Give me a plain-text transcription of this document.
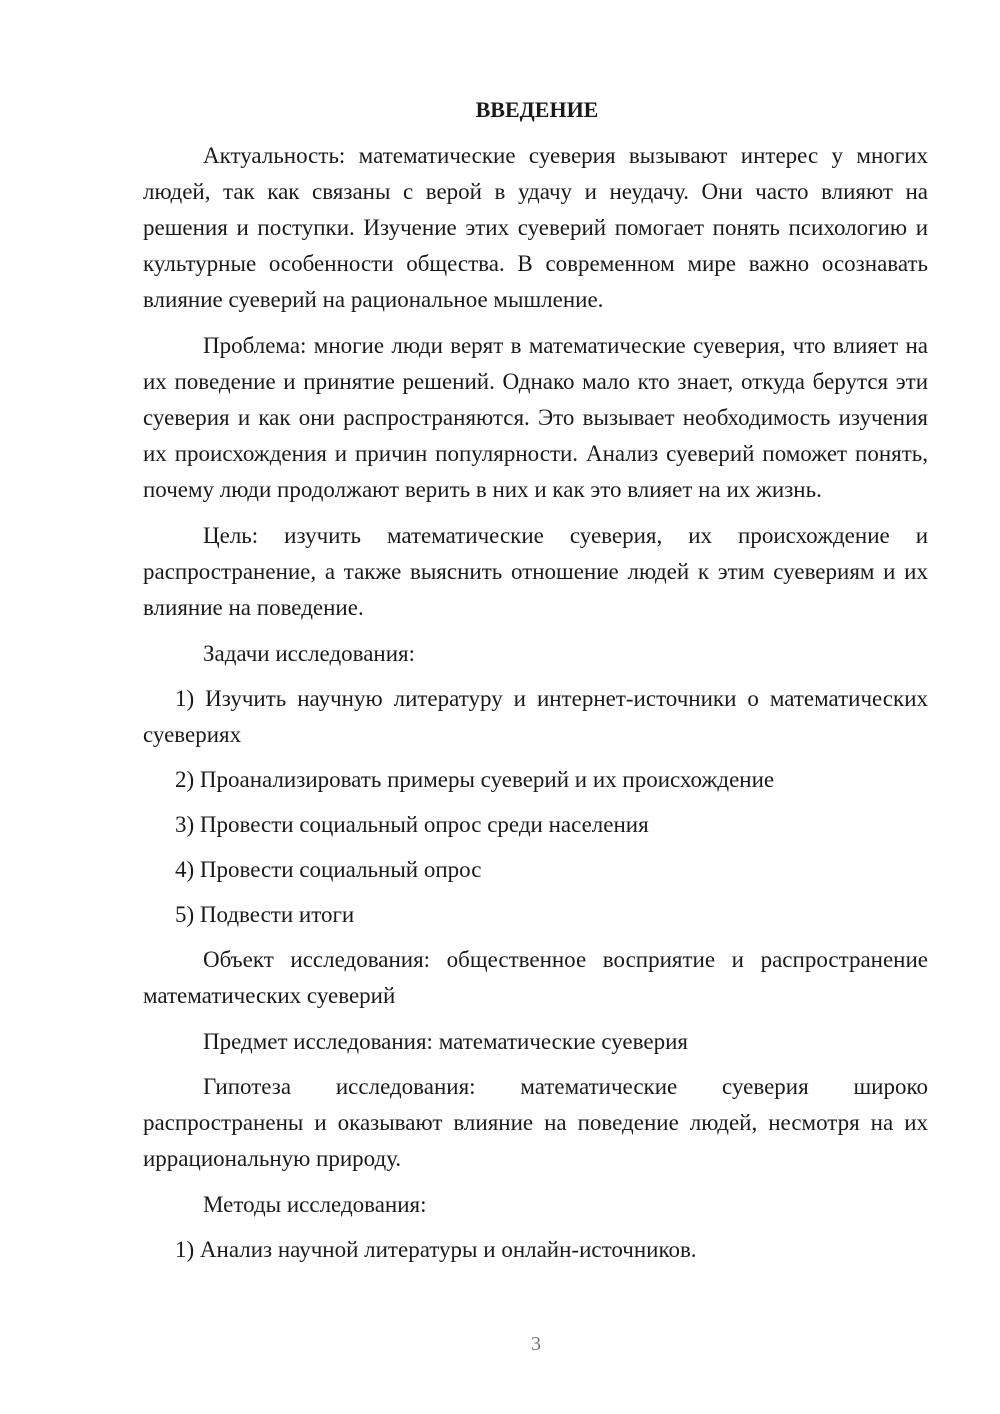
ВВЕДЕНИЕ

Актуальность: математические суеверия вызывают интерес у многих людей, так как связаны с верой в удачу и неудачу. Они часто влияют на решения и поступки. Изучение этих суеверий помогает понять психологию и культурные особенности общества. В современном мире важно осознавать влияние суеверий на рациональное мышление.

Проблема: многие люди верят в математические суеверия, что влияет на их поведение и принятие решений. Однако мало кто знает, откуда берутся эти суеверия и как они распространяются. Это вызывает необходимость изучения их происхождения и причин популярности. Анализ суеверий поможет понять, почему люди продолжают верить в них и как это влияет на их жизнь.

Цель: изучить математические суеверия, их происхождение и распространение, а также выяснить отношение людей к этим суевериям и их влияние на поведение.

Задачи исследования:

1) Изучить научную литературу и интернет-источники о математических суевериях

2) Проанализировать примеры суеверий и их происхождение

3) Провести социальный опрос среди населения

4) Провести социальный опрос

5) Подвести итоги

Объект исследования: общественное восприятие и распространение математических суеверий

Предмет исследования: математические суеверия

Гипотеза исследования: математические суеверия широко распространены и оказывают влияние на поведение людей, несмотря на их иррациональную природу.

Методы исследования:

1) Анализ научной литературы и онлайн-источников.

3
